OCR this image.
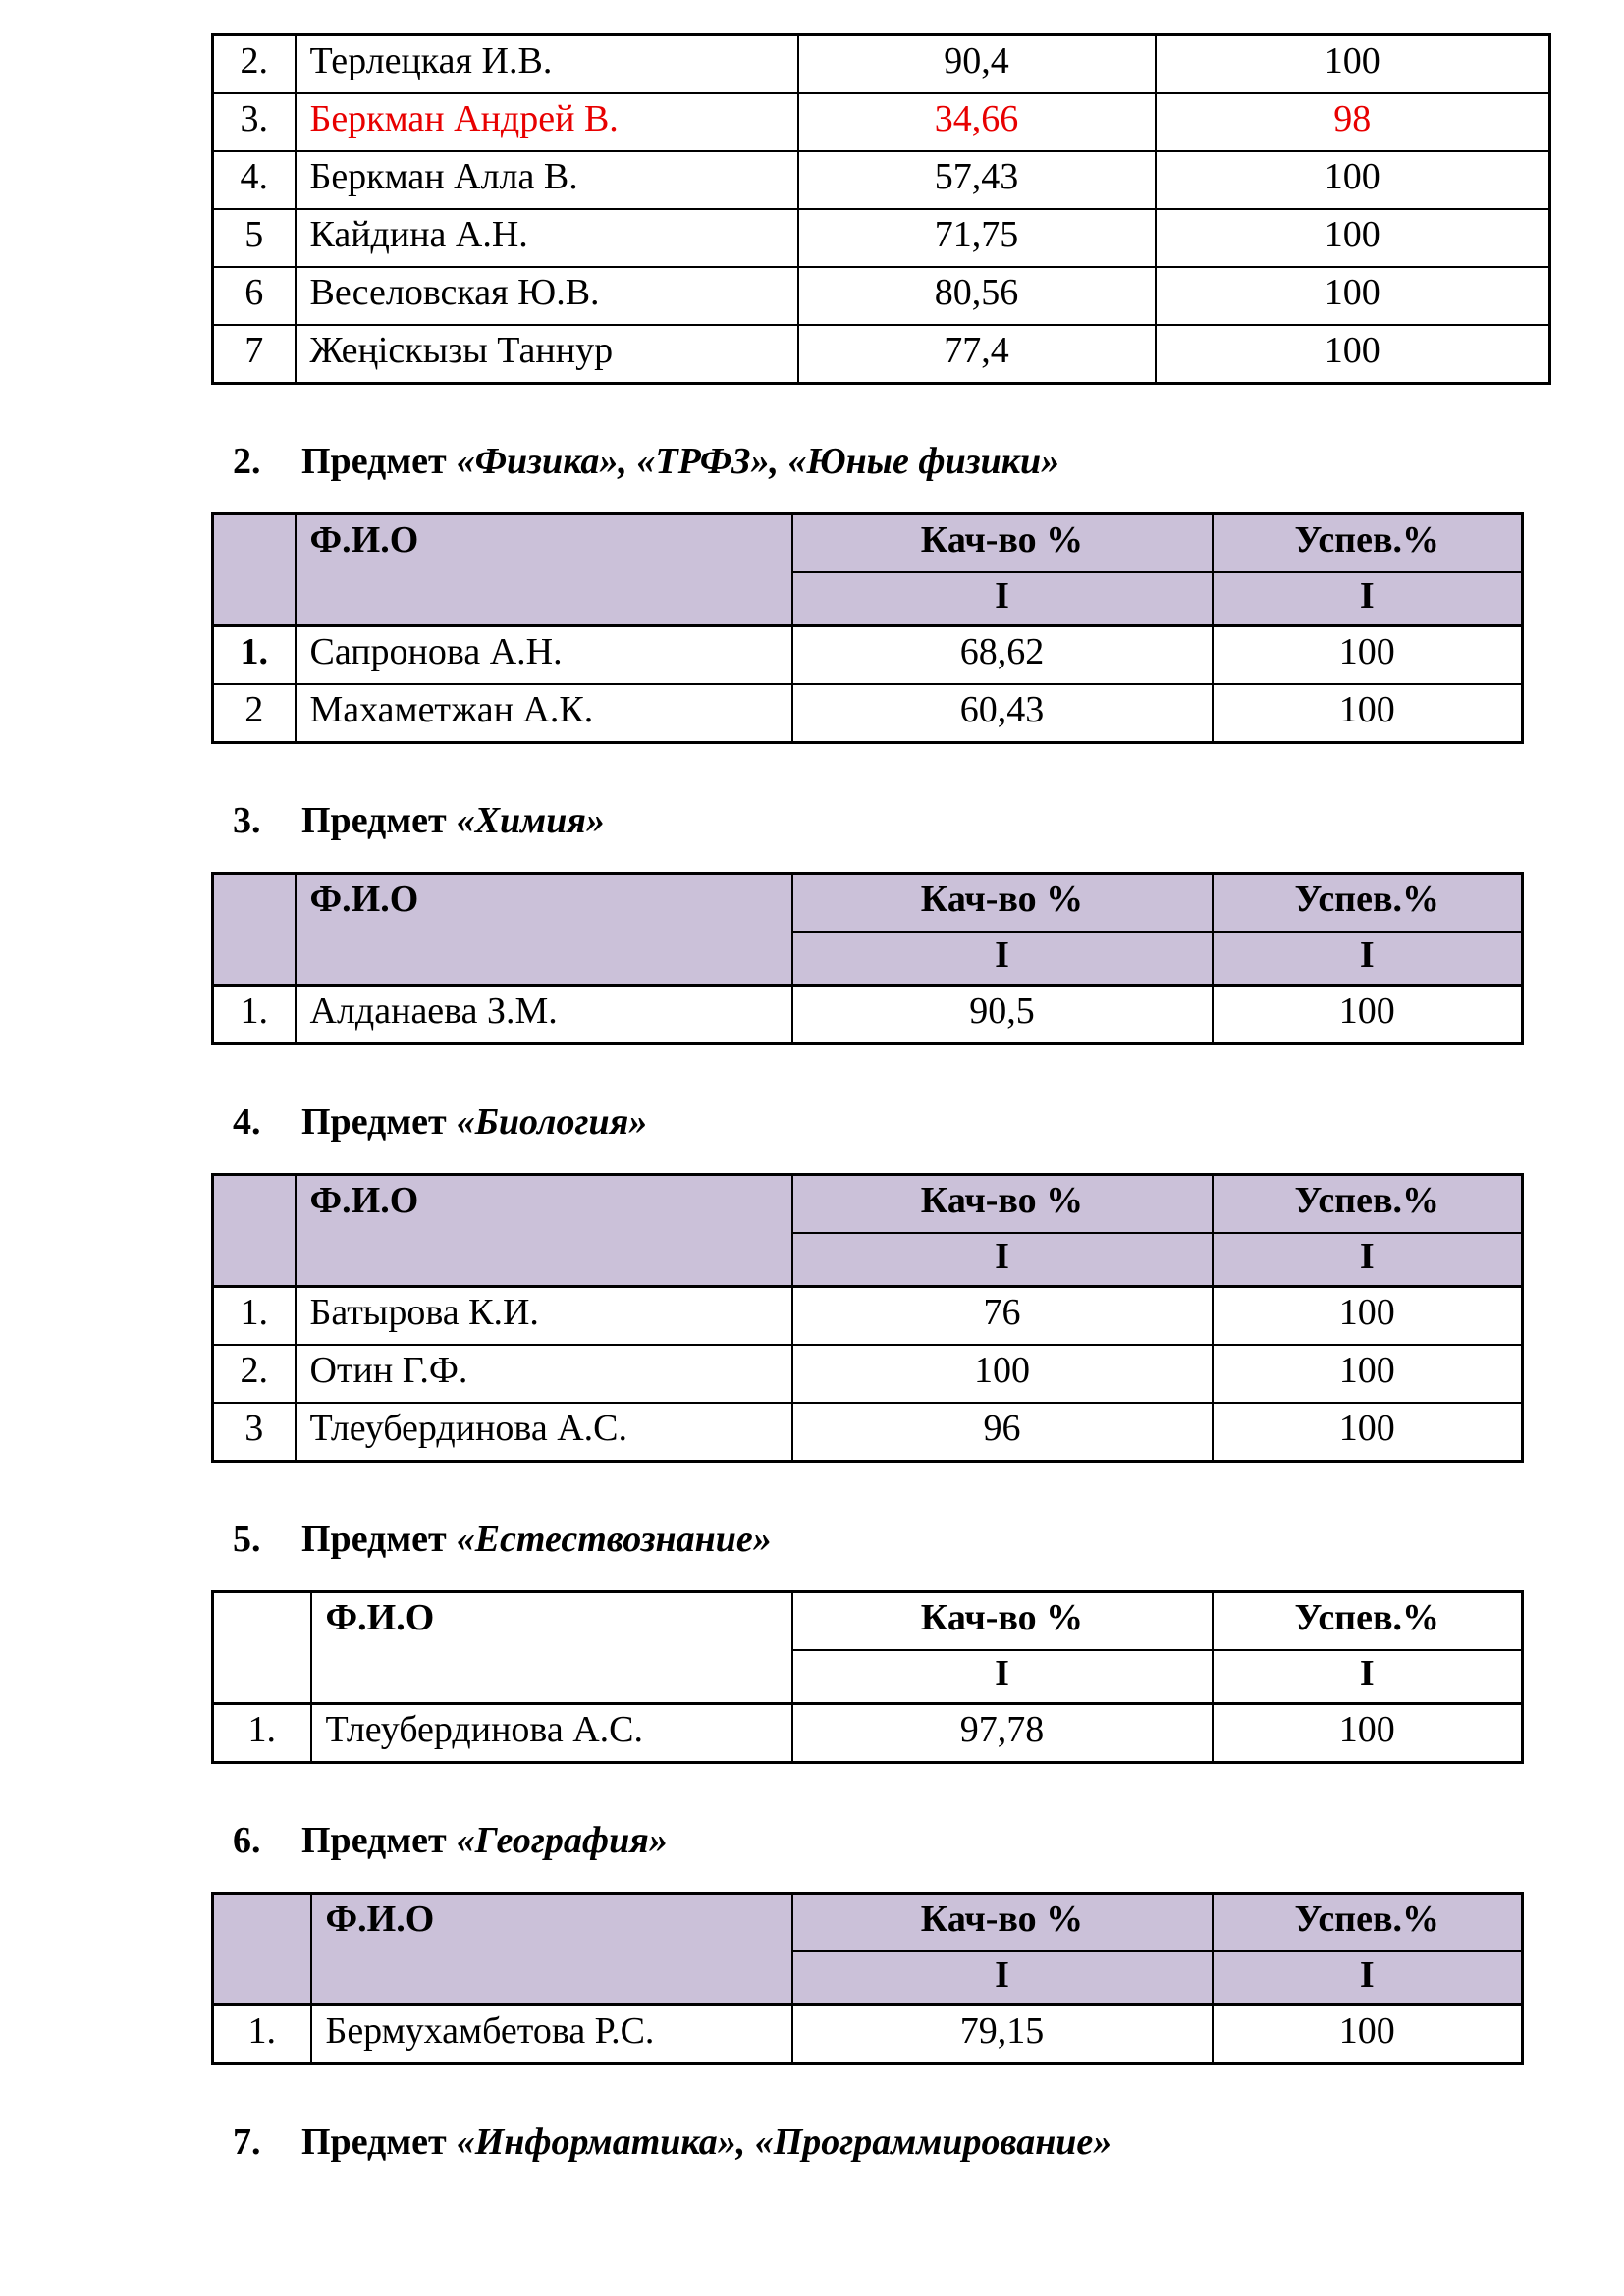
2.	Терлецкая И.В.	90,4	100
3.	Беркман Андрей В.	34,66	98
4.	Беркман Алла В.	57,43	100
5	Кайдина А.Н.	71,75	100
6	Веселовская Ю.В.	80,56	100
7	Жеңіскызы Таннур	77,4	100
2. Предмет «Физика», «ТРФЗ», «Юные физики»
	Ф.И.О	Кач-во %	Успев.%
		I	I
1.	Сапронова А.Н.	68,62	100
2	Махаметжан А.К.	60,43	100
3. Предмет «Химия»
	Ф.И.О	Кач-во %	Успев.%
		I	I
1.	Алданаева З.М.	90,5	100
4. Предмет «Биология»
	Ф.И.О	Кач-во %	Успев.%
		I	I
1.	Батырова К.И.	76	100
2.	Отин Г.Ф.	100	100
3	Тлеубердинова А.С.	96	100
5. Предмет «Естествознание»
	Ф.И.О	Кач-во %	Успев.%
		I	I
1.	Тлеубердинова А.С.	97,78	100
6. Предмет «География»
	Ф.И.О	Кач-во %	Успев.%
		I	I
1.	Бермухамбетова Р.С.	79,15	100
7. Предмет «Информатика», «Программирование»
